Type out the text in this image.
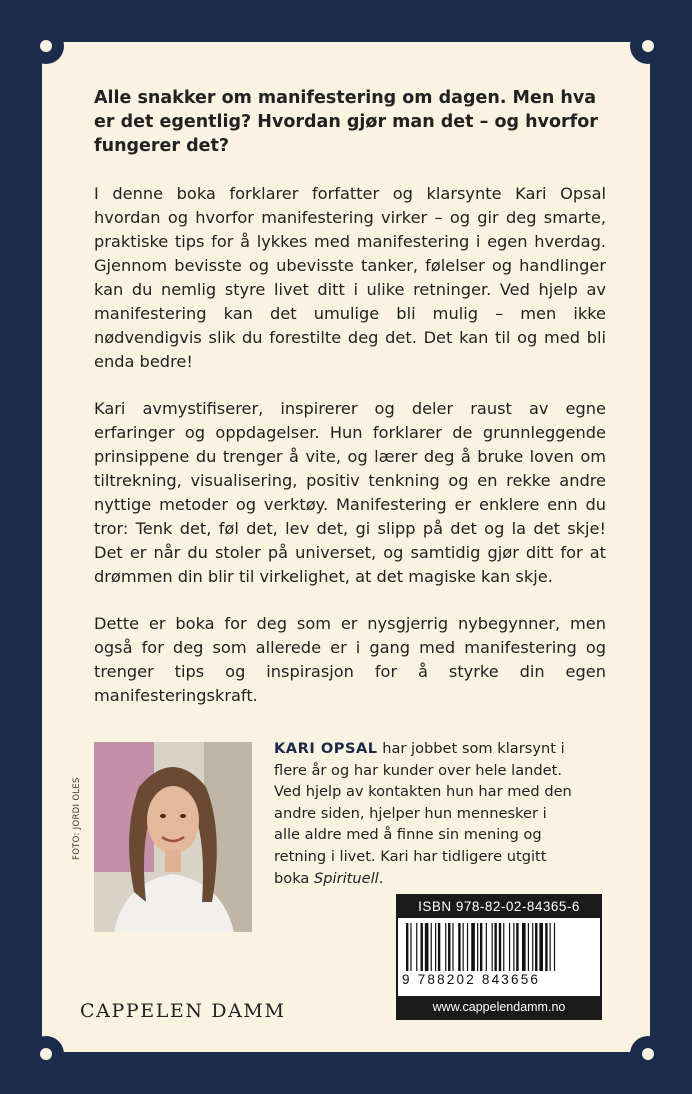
Alle snakker om manifestering om dagen. Men hva er det egentlig? Hvordan gjør man det – og hvorfor fungerer det?

I denne boka forklarer forfatter og klarsynte Kari Opsal hvordan og hvorfor manifestering virker – og gir deg smarte, praktiske tips for å lykkes med manifestering i egen hverdag. Gjennom bevisste og ubevisste tanker, følelser og handlinger kan du nemlig styre livet ditt i ulike retninger. Ved hjelp av manifestering kan det umulige bli mulig – men ikke nødvendigvis slik du forestilte deg det. Det kan til og med bli enda bedre!

Kari avmystifiserer, inspirerer og deler raust av egne erfaringer og oppdagelser. Hun forklarer de grunnleggende prinsippene du trenger å vite, og lærer deg å bruke loven om tiltrekning, visualisering, positiv tenkning og en rekke andre nyttige metoder og verktøy. Manifestering er enklere enn du tror: Tenk det, føl det, lev det, gi slipp på det og la det skje! Det er når du stoler på universet, og samtidig gjør ditt for at drømmen din blir til virkelighet, at det magiske kan skje.

Dette er boka for deg som er nysgjerrig nybegynner, men også for deg som allerede er i gang med manifestering og trenger tips og inspirasjon for å styrke din egen manifesteringskraft.

FOTO: JORDI OLES
KARI OPSAL har jobbet som klarsynt i flere år og har kunder over hele landet. Ved hjelp av kontakten hun har med den andre siden, hjelper hun mennesker i alle aldre med å finne sin mening og retning i livet. Kari har tidligere utgitt boka Spirituell.
CAPPELEN DAMM
ISBN 978-82-02-84365-6
9 788202 843656
www.cappelendamm.no
